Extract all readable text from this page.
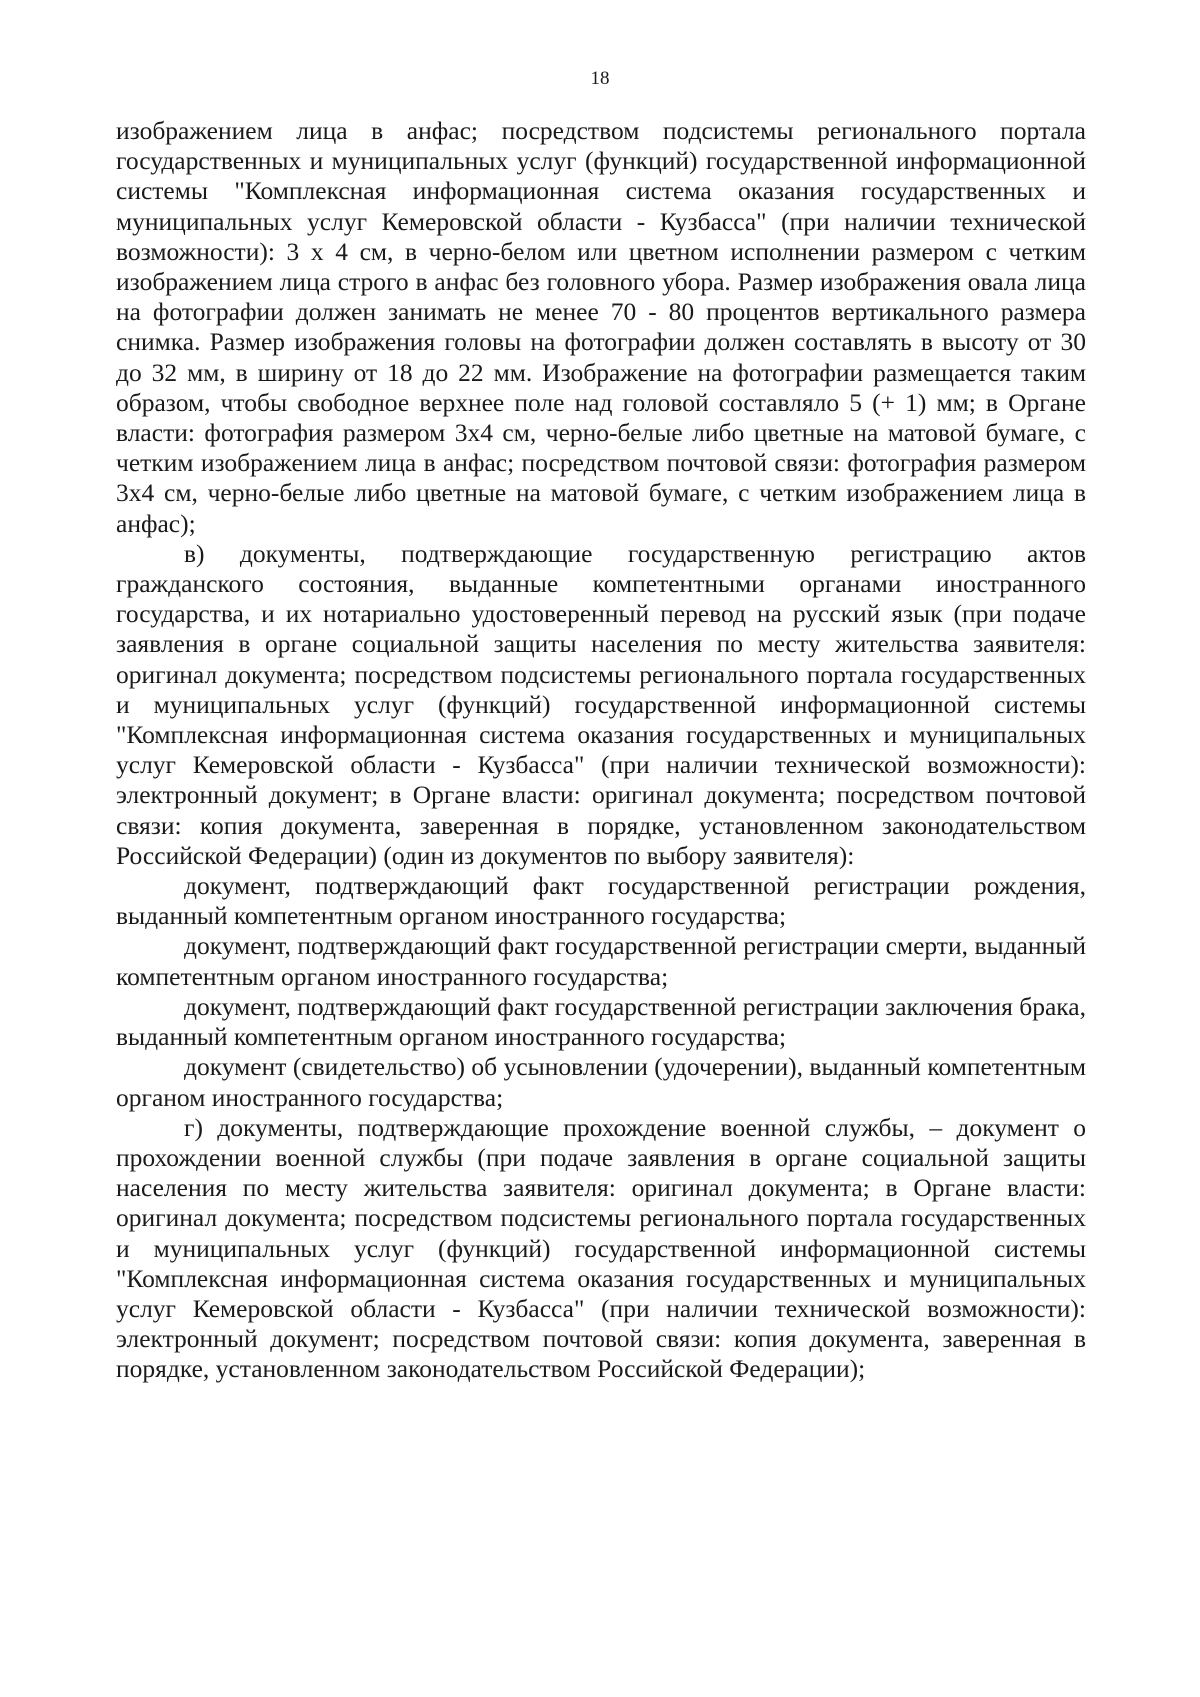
18

изображением лица в анфас; посредством подсистемы регионального портала государственных и муниципальных услуг (функций) государственной информационной системы "Комплексная информационная система оказания государственных и муниципальных услуг Кемеровской области - Кузбасса" (при наличии технической возможности): 3 х 4 см, в черно-белом или цветном исполнении размером с четким изображением лица строго в анфас без головного убора. Размер изображения овала лица на фотографии должен занимать не менее 70 - 80 процентов вертикального размера снимка. Размер изображения головы на фотографии должен составлять в высоту от 30 до 32 мм, в ширину от 18 до 22 мм. Изображение на фотографии размещается таким образом, чтобы свободное верхнее поле над головой составляло 5 (+ 1) мм; в Органе власти: фотография размером 3х4 см, черно-белые либо цветные на матовой бумаге, с четким изображением лица в анфас; посредством почтовой связи: фотография размером 3х4 см, черно-белые либо цветные на матовой бумаге, с четким изображением лица в анфас);

в) документы, подтверждающие государственную регистрацию актов гражданского состояния, выданные компетентными органами иностранного государства, и их нотариально удостоверенный перевод на русский язык (при подаче заявления в органе социальной защиты населения по месту жительства заявителя: оригинал документа; посредством подсистемы регионального портала государственных и муниципальных услуг (функций) государственной информационной системы "Комплексная информационная система оказания государственных и муниципальных услуг Кемеровской области - Кузбасса" (при наличии технической возможности): электронный документ; в Органе власти: оригинал документа; посредством почтовой связи: копия документа, заверенная в порядке, установленном законодательством Российской Федерации) (один из документов по выбору заявителя):

документ, подтверждающий факт государственной регистрации рождения, выданный компетентным органом иностранного государства;

документ, подтверждающий факт государственной регистрации смерти, выданный компетентным органом иностранного государства;

документ, подтверждающий факт государственной регистрации заключения брака, выданный компетентным органом иностранного государства;

документ (свидетельство) об усыновлении (удочерении), выданный компетентным органом иностранного государства;

г) документы, подтверждающие прохождение военной службы, – документ о прохождении военной службы (при подаче заявления в органе социальной защиты населения по месту жительства заявителя: оригинал документа; в Органе власти: оригинал документа; посредством подсистемы регионального портала государственных и муниципальных услуг (функций) государственной информационной системы "Комплексная информационная система оказания государственных и муниципальных услуг Кемеровской области - Кузбасса" (при наличии технической возможности): электронный документ; посредством почтовой связи: копия документа, заверенная в порядке, установленном законодательством Российской Федерации);
